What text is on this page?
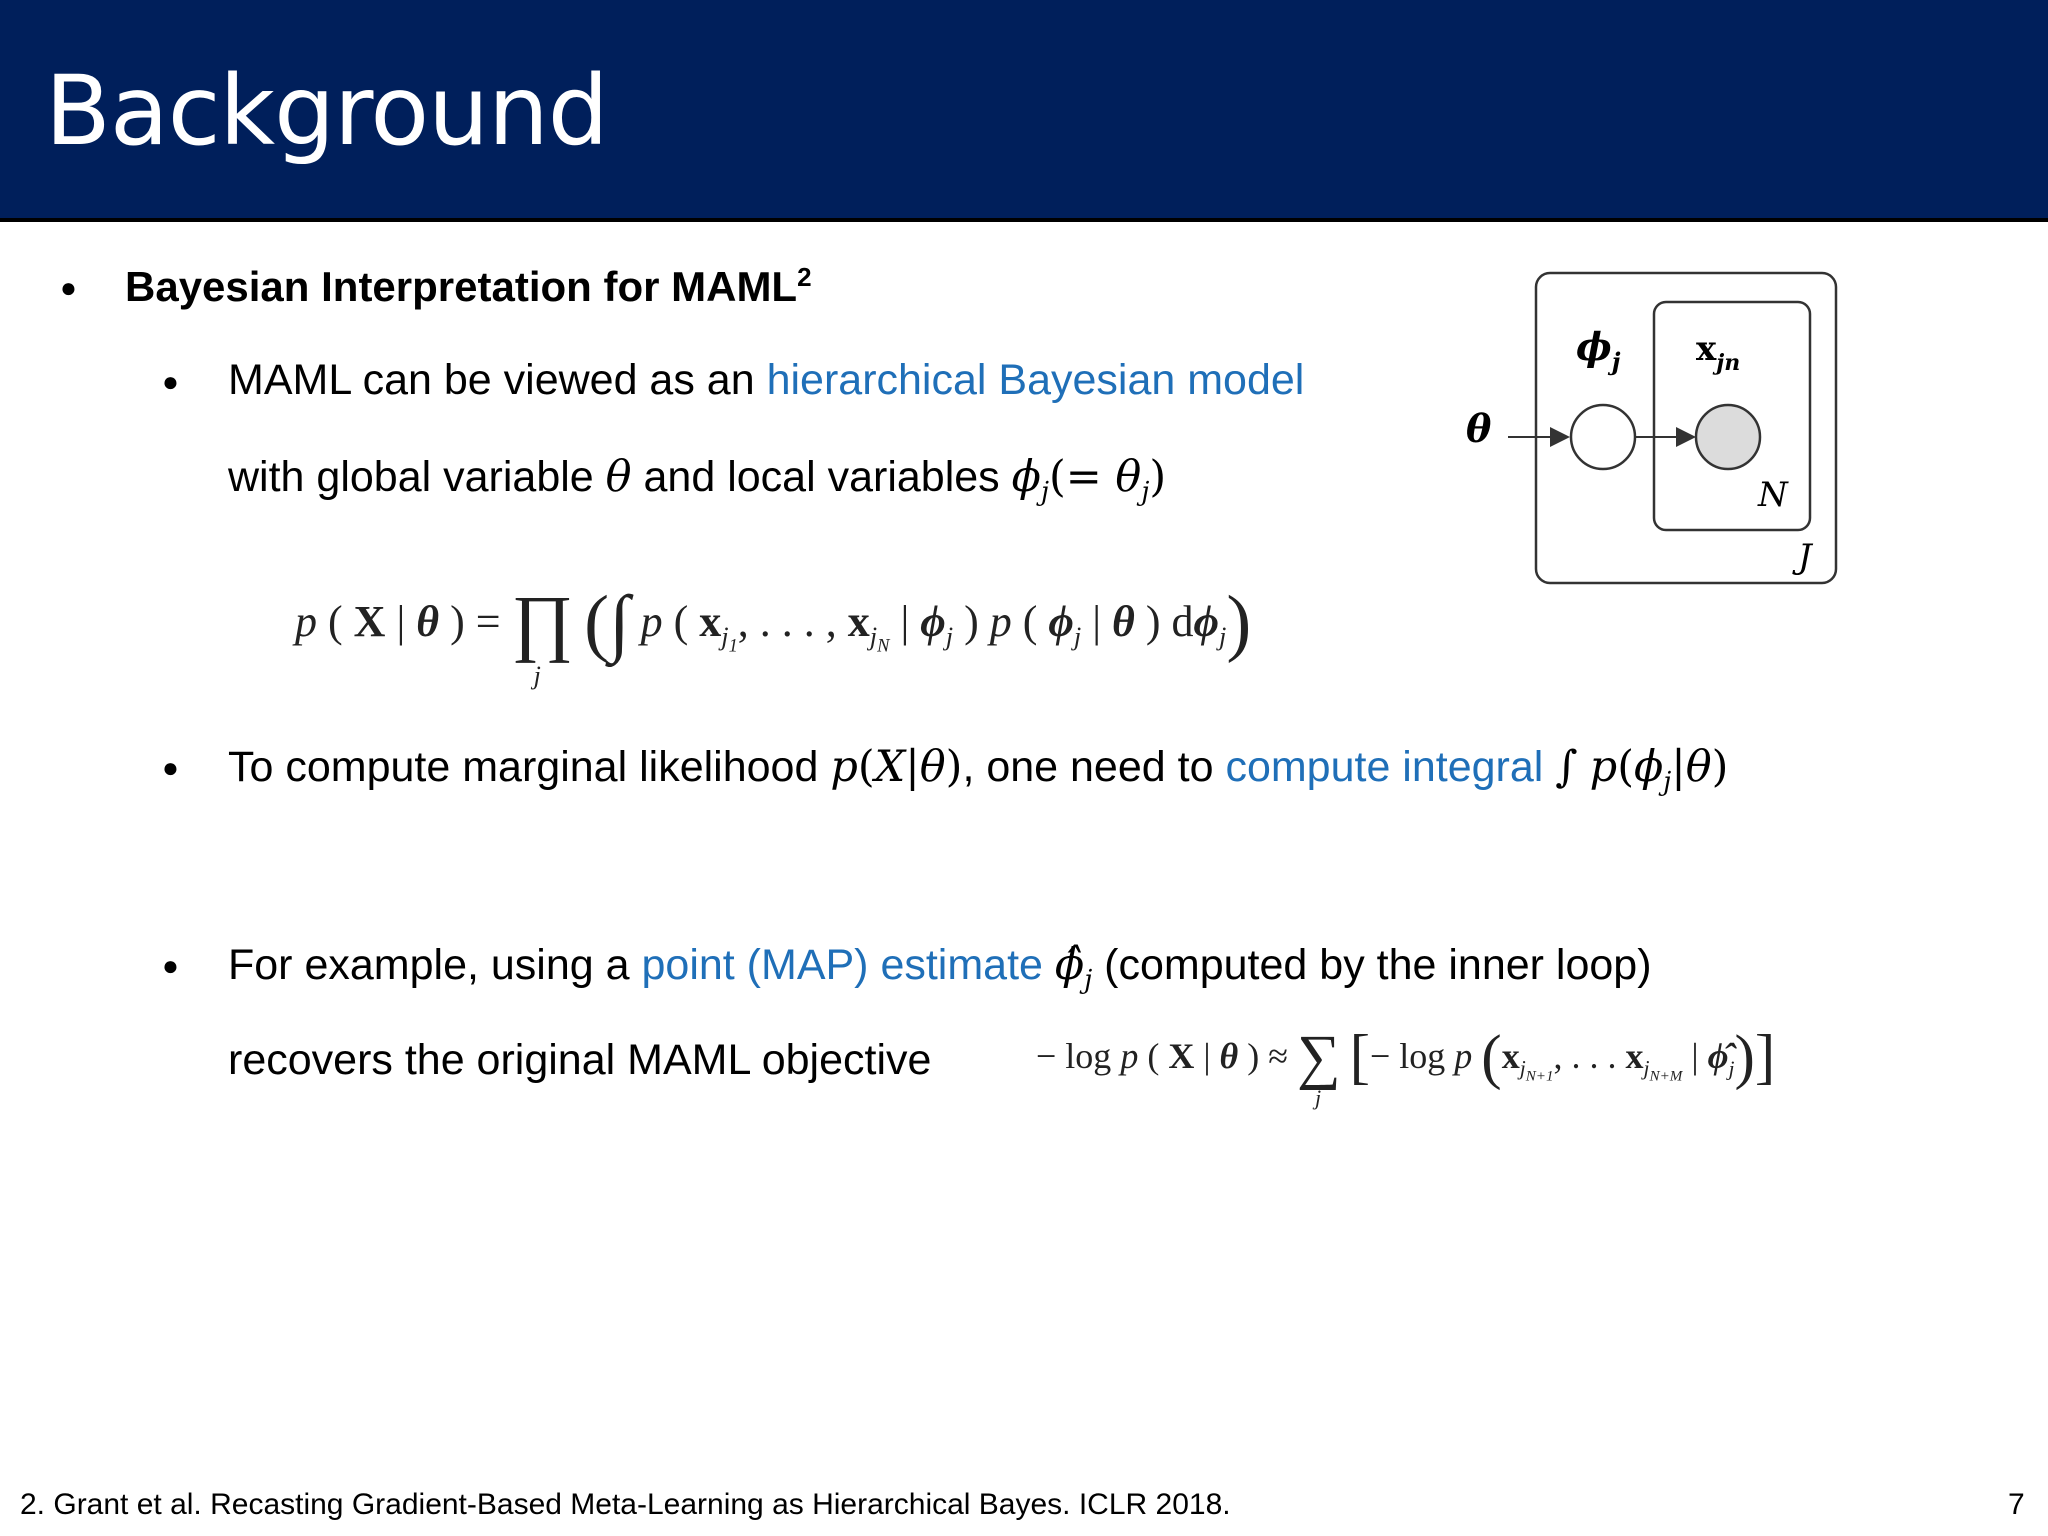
Background
● Bayesian Interpretation for MAML$^2$
● MAML can be viewed as an hierarchical Bayesian model
with global variable θ and local variables $\phi_j(= \theta_j)$
p ( X | θ ) = ∏
j
(∫ p ( $x_{j_1}$, . . . , $x_{j_N}$ | $\phi_j$ ) p ( $\phi_j$ | θ ) $d\phi_j$)
● To compute marginal likelihood p(X|θ), one need to compute integral ∫ $p(\phi_j|\theta)$
● For example, using a point (MAP) estimate $\phî_j$ (computed by the inner loop)
recovers the original MAML objective	− log p ( X | θ ) ≈ ∑
j
[− log p ($x_{j_{N+1}}$, . . . $x_{j_{N+M}}$ | $\phî_j$)]
θ
$\phi_j$ $x_{jn}$
N
J
2. Grant et al. Recasting Gradient-Based Meta-Learning as Hierarchical Bayes. ICLR 2018.	7
